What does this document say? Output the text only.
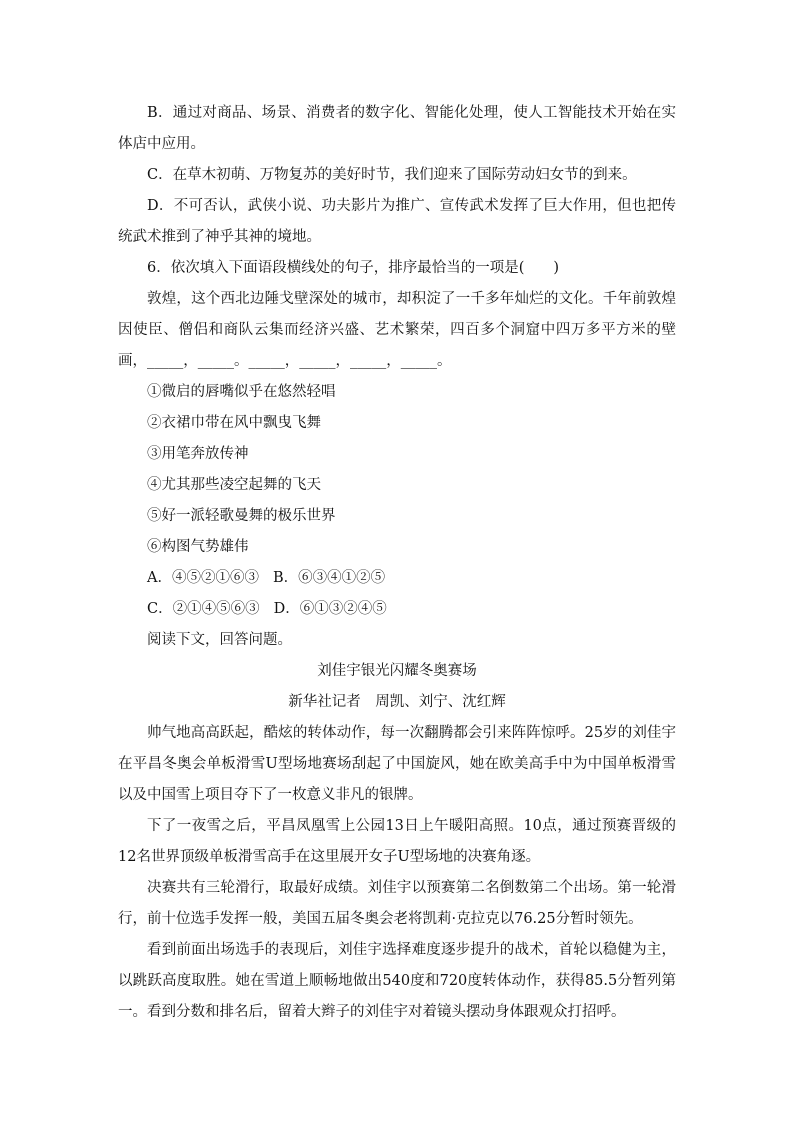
B．通过对商品、场景、消费者的数字化、智能化处理，使人工智能技术开始在实体店中应用。

C．在草木初萌、万物复苏的美好时节，我们迎来了国际劳动妇女节的到来。

D．不可否认，武侠小说、功夫影片为推广、宣传武术发挥了巨大作用，但也把传统武术推到了神乎其神的境地。

6．依次填入下面语段横线处的句子，排序最恰当的一项是(　　)

敦煌，这个西北边陲戈壁深处的城市，却积淀了一千多年灿烂的文化。千年前敦煌因使臣、僧侣和商队云集而经济兴盛、艺术繁荣，四百多个洞窟中四万多平方米的壁画，_____，_____。_____，_____，_____，_____。

①微启的唇嘴似乎在悠然轻唱

②衣裙巾带在风中飘曳飞舞

③用笔奔放传神

④尤其那些凌空起舞的飞天

⑤好一派轻歌曼舞的极乐世界

⑥构图气势雄伟

A．④⑤②①⑥③ B．⑥③④①②⑤
C．②①④⑤⑥③ D．⑥①③②④⑤

阅读下文，回答问题。

刘佳宇银光闪耀冬奥赛场

新华社记者　周凯、刘宁、沈红辉

帅气地高高跃起，酷炫的转体动作，每一次翻腾都会引来阵阵惊呼。25岁的刘佳宇在平昌冬奥会单板滑雪U型场地赛场刮起了中国旋风，她在欧美高手中为中国单板滑雪以及中国雪上项目夺下了一枚意义非凡的银牌。

下了一夜雪之后，平昌凤凰雪上公园13日上午暖阳高照。10点，通过预赛晋级的12名世界顶级单板滑雪高手在这里展开女子U型场地的决赛角逐。

决赛共有三轮滑行，取最好成绩。刘佳宇以预赛第二名倒数第二个出场。第一轮滑行，前十位选手发挥一般，美国五届冬奥会老将凯莉·克拉克以76.25分暂时领先。

看到前面出场选手的表现后，刘佳宇选择难度逐步提升的战术，首轮以稳健为主，以跳跃高度取胜。她在雪道上顺畅地做出540度和720度转体动作，获得85.5分暂列第一。看到分数和排名后，留着大辫子的刘佳宇对着镜头摆动身体跟观众打招呼。
